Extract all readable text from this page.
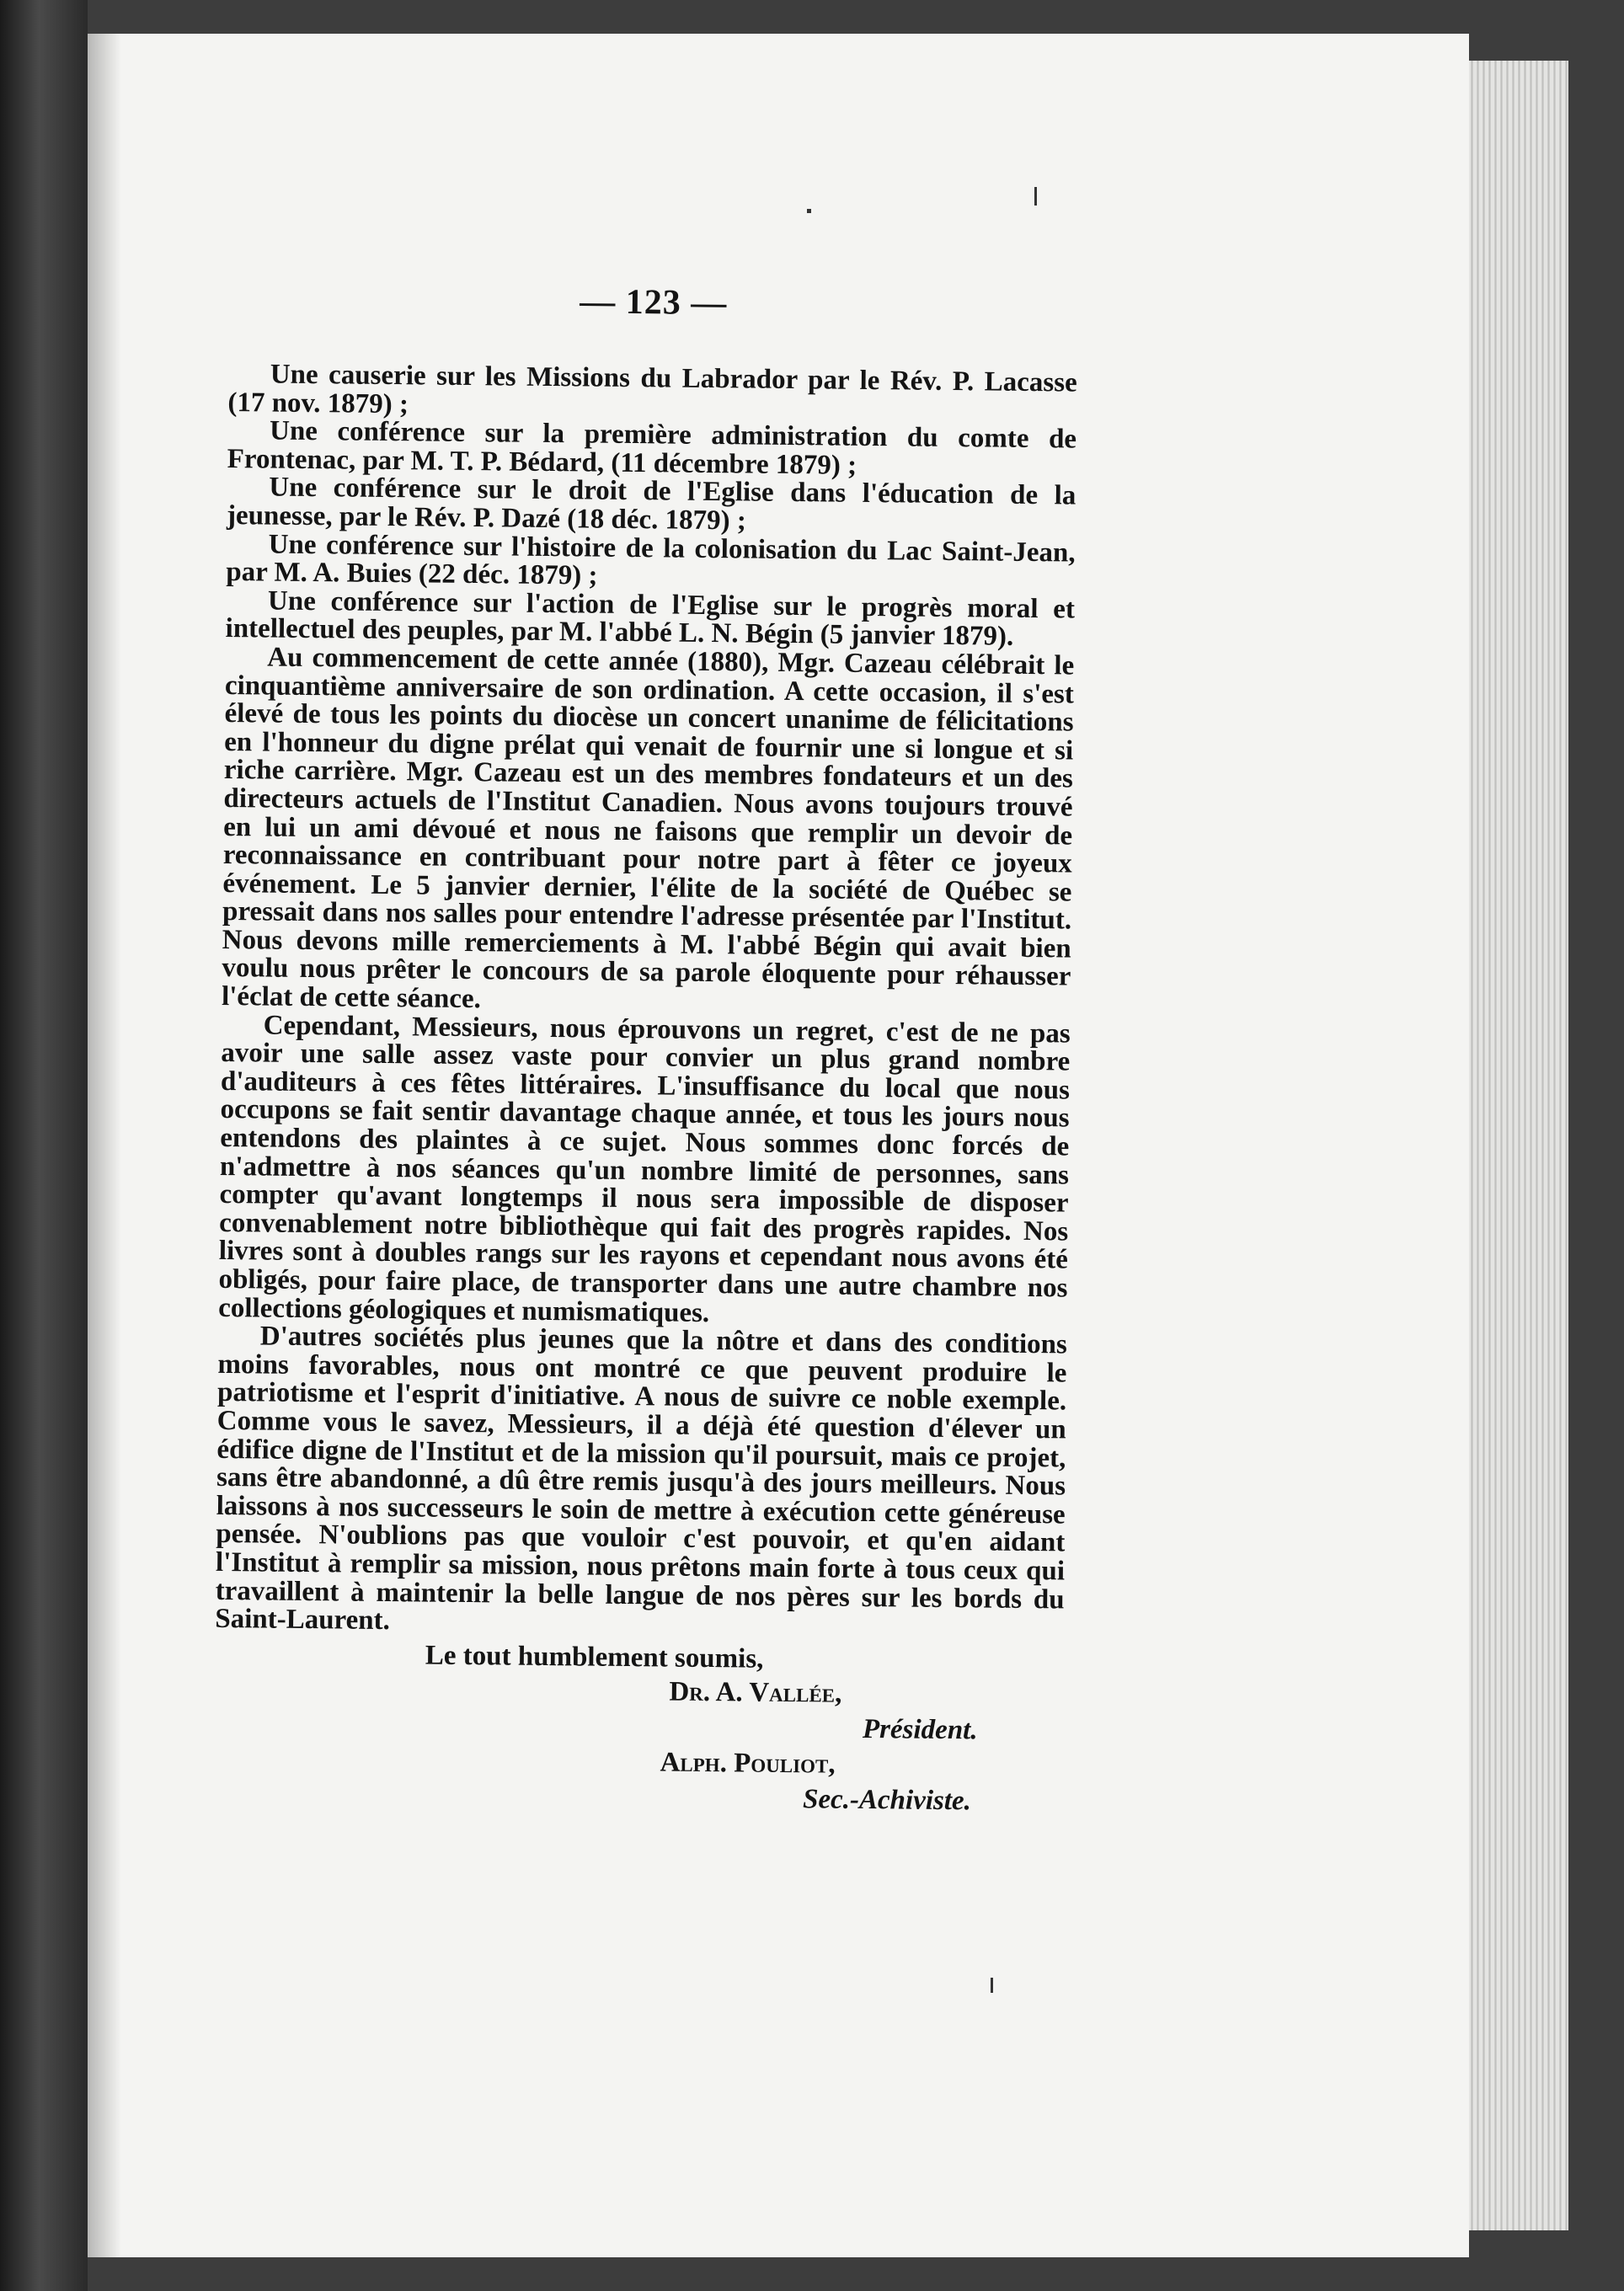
— 123 —

Une causerie sur les Missions du Labrador par le Rév. P. Lacasse (17 nov. 1879) ;

Une conférence sur la première administration du comte de Frontenac, par M. T. P. Bédard, (11 décembre 1879) ;

Une conférence sur le droit de l'Eglise dans l'éducation de la jeunesse, par le Rév. P. Dazé (18 déc. 1879) ;

Une conférence sur l'histoire de la colonisation du Lac Saint-Jean, par M. A. Buies (22 déc. 1879) ;

Une conférence sur l'action de l'Eglise sur le progrès moral et intellectuel des peuples, par M. l'abbé L. N. Bégin (5 janvier 1879).

Au commencement de cette année (1880), Mgr. Cazeau célébrait le cinquantième anniversaire de son ordination. A cette occasion, il s'est élevé de tous les points du diocèse un concert unanime de félicitations en l'honneur du digne prélat qui venait de fournir une si longue et si riche carrière. Mgr. Cazeau est un des membres fondateurs et un des directeurs actuels de l'Institut Canadien. Nous avons toujours trouvé en lui un ami dévoué et nous ne faisons que remplir un devoir de reconnaissance en contribuant pour notre part à fêter ce joyeux événement. Le 5 janvier dernier, l'élite de la société de Québec se pressait dans nos salles pour entendre l'adresse présentée par l'Institut. Nous devons mille remerciements à M. l'abbé Bégin qui avait bien voulu nous prêter le concours de sa parole éloquente pour réhausser l'éclat de cette séance.

Cependant, Messieurs, nous éprouvons un regret, c'est de ne pas avoir une salle assez vaste pour convier un plus grand nombre d'auditeurs à ces fêtes littéraires. L'insuffisance du local que nous occupons se fait sentir davantage chaque année, et tous les jours nous entendons des plaintes à ce sujet. Nous sommes donc forcés de n'admettre à nos séances qu'un nombre limité de personnes, sans compter qu'avant longtemps il nous sera impossible de disposer convenablement notre bibliothèque qui fait des progrès rapides. Nos livres sont à doubles rangs sur les rayons et cependant nous avons été obligés, pour faire place, de transporter dans une autre chambre nos collections géologiques et numismatiques.

D'autres sociétés plus jeunes que la nôtre et dans des conditions moins favorables, nous ont montré ce que peuvent produire le patriotisme et l'esprit d'initiative. A nous de suivre ce noble exemple. Comme vous le savez, Messieurs, il a déjà été question d'élever un édifice digne de l'Institut et de la mission qu'il poursuit, mais ce projet, sans être abandonné, a dû être remis jusqu'à des jours meilleurs. Nous laissons à nos successeurs le soin de mettre à exécution cette généreuse pensée. N'oublions pas que vouloir c'est pouvoir, et qu'en aidant l'Institut à remplir sa mission, nous prêtons main forte à tous ceux qui travaillent à maintenir la belle langue de nos pères sur les bords du Saint-Laurent.

Le tout humblement soumis,
Dr. A. Vallée,
Président.
Alph. Pouliot,
Sec.-Achiviste.
